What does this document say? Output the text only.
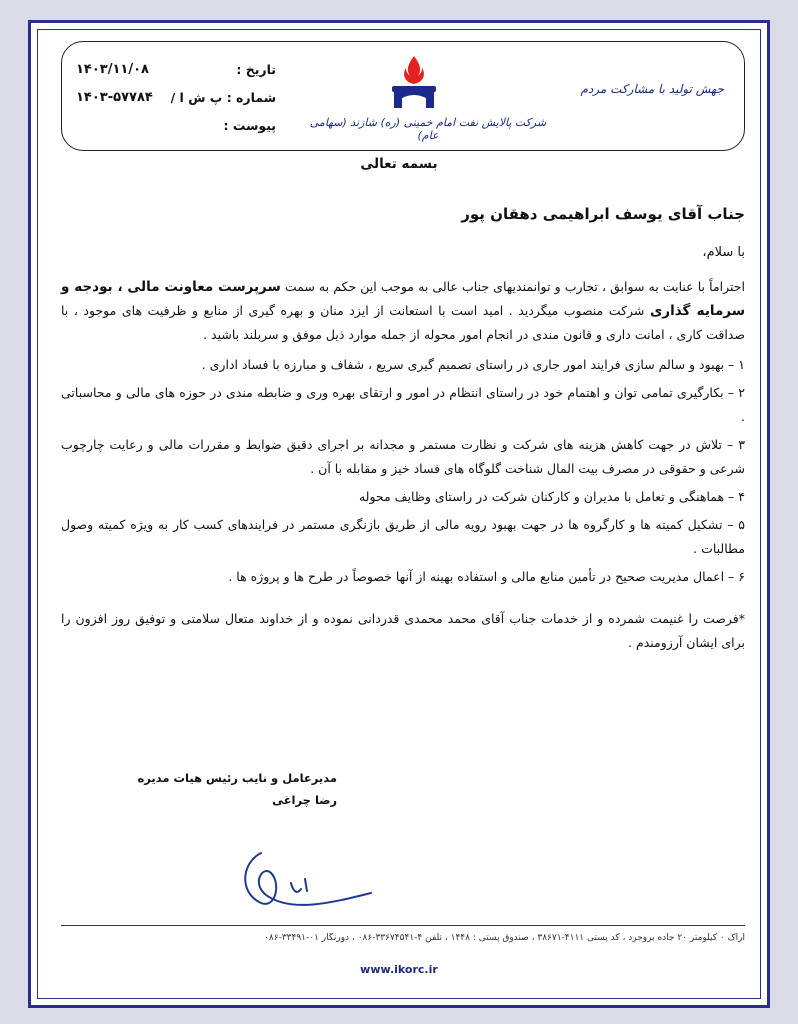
تاریخ :
۱۴۰۳/۱۱/۰۸
شماره : پ ش ا /
۱۴۰۳-۵۷۷۸۴
پیوست :	شرکت پالایش نفت امام خمینی (ره) شازند (سهامی عام)
جهش تولید با مشارکت مردم
بسمه تعالی
جناب آقای یوسف ابراهیمی دهقان پور
با سلام،
احتراماً با عنایت به سوابق ، تجارب و توانمندیهای جناب عالی به موجب این حکم به سمت سرپرست معاونت مالی ، بودجه و سرمایه گذاری شرکت منصوب میگردید . امید است با استعانت از ایزد منان و بهره گیری از منابع و ظرفیت های موجود ، با صداقت کاری ، امانت داری و قانون مندی در انجام امور محوله از جمله موارد ذیل موفق و سربلند باشید .
۱ – بهبود و سالم سازی فرایند امور جاری در راستای تصمیم گیری سریع ، شفاف و مبارزه با فساد اداری .
۲ – بکارگیری تمامی توان و اهتمام خود در راستای انتظام در امور و ارتقای بهره وری و ضابطه مندی در حوزه های مالی و محاسباتی .
۳ – تلاش در جهت کاهش هزینه های شرکت و نظارت مستمر و مجدانه بر اجرای دقیق ضوابط و مقررات مالی و رعایت چارچوب شرعی و حقوقی در مصرف بیت المال شناخت گلوگاه های فساد خیز و مقابله با آن .
۴ – هماهنگی و تعامل با مدیران و کارکنان شرکت در راستای وظایف محوله
۵ – تشکیل کمیته ها و کارگروه ها در جهت بهبود رویه مالی از طریق بازنگری مستمر در فرایندهای کسب کار به ویژه کمیته وصول مطالبات .
۶ – اعمال مدیریت صحیح در تأمین منابع مالی و استفاده بهینه از آنها خصوصاً در طرح ها و پروژه ها .
*فرصت را غنیمت شمرده و از خدمات جناب آقای محمد محمدی قدردانی نموده و از خداوند متعال سلامتی و توفیق روز افزون را برای ایشان آرزومندم .
مدیرعامل و نایب رئیس هیات مدیره
رضا چراغی
اراک ۰ کیلومتر ۲۰ جاده بروجرد ، کد پستی ۴۱۱۱-۳۸۶۷۱ ، صندوق پستی : ۱۴۴۸ ، تلفن ۴-۳۳۶۷۴۵۴۱-۰۸۶ ، دورنگار ۰۱-۳۳۴۹۱-۰۸۶
www.ikorc.ir
